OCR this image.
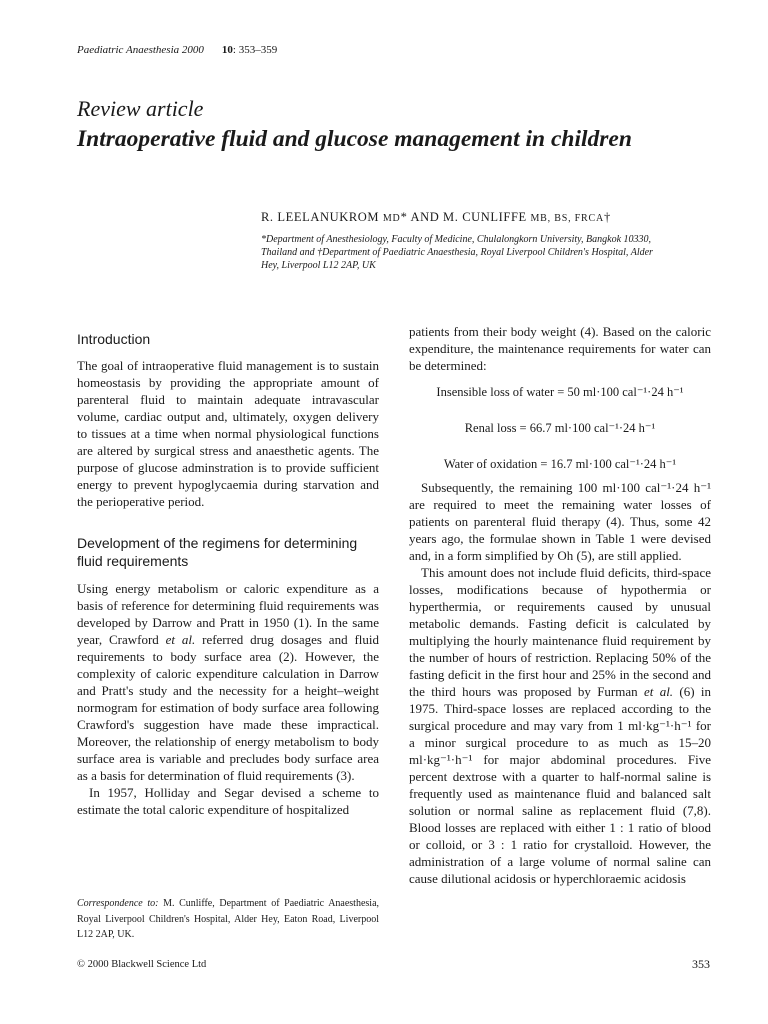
Paediatric Anaesthesia 2000 10: 353–359
Review article
Intraoperative fluid and glucose management in children
R. LEELANUKROM MD* AND M. CUNLIFFE MB, BS, FRCA†
*Department of Anesthesiology, Faculty of Medicine, Chulalongkorn University, Bangkok 10330, Thailand and †Department of Paediatric Anaesthesia, Royal Liverpool Children's Hospital, Alder Hey, Liverpool L12 2AP, UK
Introduction

The goal of intraoperative fluid management is to sustain homeostasis by providing the appropriate amount of parenteral fluid to maintain adequate intravascular volume, cardiac output and, ultimately, oxygen delivery to tissues at a time when normal physiological functions are altered by surgical stress and anaesthetic agents. The purpose of glucose adminstration is to provide sufficient energy to prevent hypoglycaemia during starvation and the perioperative period.

Development of the regimens for determining fluid requirements

Using energy metabolism or caloric expenditure as a basis of reference for determining fluid requirements was developed by Darrow and Pratt in 1950 (1). In the same year, Crawford et al. referred drug dosages and fluid requirements to body surface area (2). However, the complexity of caloric expenditure calculation in Darrow and Pratt's study and the necessity for a height–weight normogram for estimation of body surface area following Crawford's suggestion have made these impractical. Moreover, the relationship of energy metabolism to body surface area is variable and precludes body surface area as a basis for determination of fluid requirements (3).

In 1957, Holliday and Segar devised a scheme to estimate the total caloric expenditure of hospitalized

patients from their body weight (4). Based on the caloric expenditure, the maintenance requirements for water can be determined:

Insensible loss of water = 50 ml·100 cal⁻¹·24 h⁻¹
Renal loss = 66.7 ml·100 cal⁻¹·24 h⁻¹
Water of oxidation = 16.7 ml·100 cal⁻¹·24 h⁻¹

Subsequently, the remaining 100 ml·100 cal⁻¹·24 h⁻¹ are required to meet the remaining water losses of patients on parenteral fluid therapy (4). Thus, some 42 years ago, the formulae shown in Table 1 were devised and, in a form simplified by Oh (5), are still applied.

This amount does not include fluid deficits, third-space losses, modifications because of hypothermia or hyperthermia, or requirements caused by unusual metabolic demands. Fasting deficit is calculated by multiplying the hourly maintenance fluid requirement by the number of hours of restriction. Replacing 50% of the fasting deficit in the first hour and 25% in the second and the third hours was proposed by Furman et al. (6) in 1975. Third-space losses are replaced according to the surgical procedure and may vary from 1 ml·kg⁻¹·h⁻¹ for a minor surgical procedure to as much as 15–20 ml·kg⁻¹·h⁻¹ for major abdominal procedures. Five percent dextrose with a quarter to half-normal saline is frequently used as maintenance fluid and balanced salt solution or normal saline as replacement fluid (7,8). Blood losses are replaced with either 1 : 1 ratio of blood or colloid, or 3 : 1 ratio for crystalloid. However, the administration of a large volume of normal saline can cause dilutional acidosis or hyperchloraemic acidosis

Correspondence to: M. Cunliffe, Department of Paediatric Anaesthesia, Royal Liverpool Children's Hospital, Alder Hey, Eaton Road, Liverpool L12 2AP, UK.
© 2000 Blackwell Science Ltd	353
